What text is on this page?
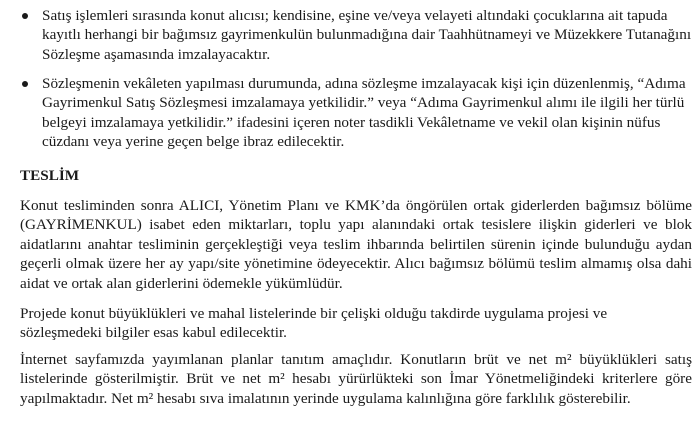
Satış işlemleri sırasında konut alıcısı; kendisine, eşine ve/veya velayeti altındaki çocuklarına ait tapuda kayıtlı herhangi bir bağımsız gayrimenkulün bulunmadığına dair Taahhütnameyi ve Müzekkere Tutanağını Sözleşme aşamasında imzalayacaktır.
Sözleşmenin vekâleten yapılması durumunda, adına sözleşme imzalayacak kişi için düzenlenmiş, “Adıma Gayrimenkul Satış Sözleşmesi imzalamaya yetkilidir.” veya “Adıma Gayrimenkul alımı ile ilgili her türlü belgeyi imzalamaya yetkilidir.” ifadesini içeren noter tasdikli Vekâletname ve vekil olan kişinin nüfus cüzdanı veya yerine geçen belge ibraz edilecektir.
TESLİM

Konut tesliminden sonra ALICI, Yönetim Planı ve KMK’da öngörülen ortak giderlerden bağımsız bölüme (GAYRİMENKUL) isabet eden miktarları, toplu yapı alanındaki ortak tesislere ilişkin giderleri ve blok aidatlarını anahtar tesliminin gerçekleştiği veya teslim ihbarında belirtilen sürenin içinde bulunduğu aydan geçerli olmak üzere her ay yapı/site yönetimine ödeyecektir. Alıcı bağımsız bölümü teslim almamış olsa dahi aidat ve ortak alan giderlerini ödemekle yükümlüdür.

Projede konut büyüklükleri ve mahal listelerinde bir çelişki olduğu takdirde uygulama projesi ve sözleşmedeki bilgiler esas kabul edilecektir.

İnternet sayfamızda yayımlanan planlar tanıtım amaçlıdır. Konutların brüt ve net m² büyüklükleri satış listelerinde gösterilmiştir. Brüt ve net m² hesabı yürürlükteki son İmar Yönetmeliğindeki kriterlere göre yapılmaktadır. Net m² hesabı sıva imalatının yerinde uygulama kalınlığına göre farklılık gösterebilir.
